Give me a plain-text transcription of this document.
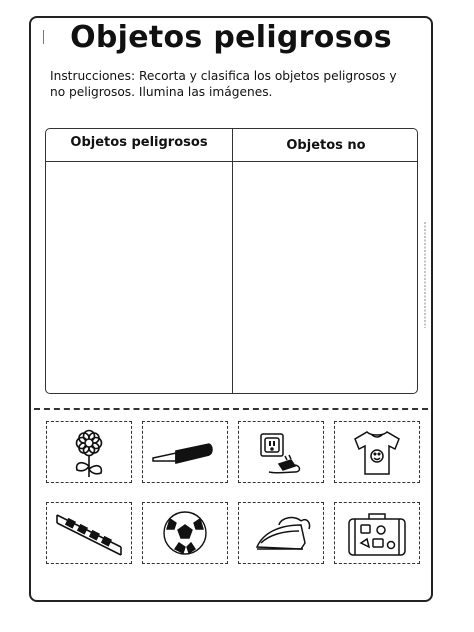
Objetos peligrosos
Instrucciones: Recorta y clasifica los objetos peligrosos y no peligrosos. Ilumina las imágenes.
Objetos peligrosos	Objetos no
